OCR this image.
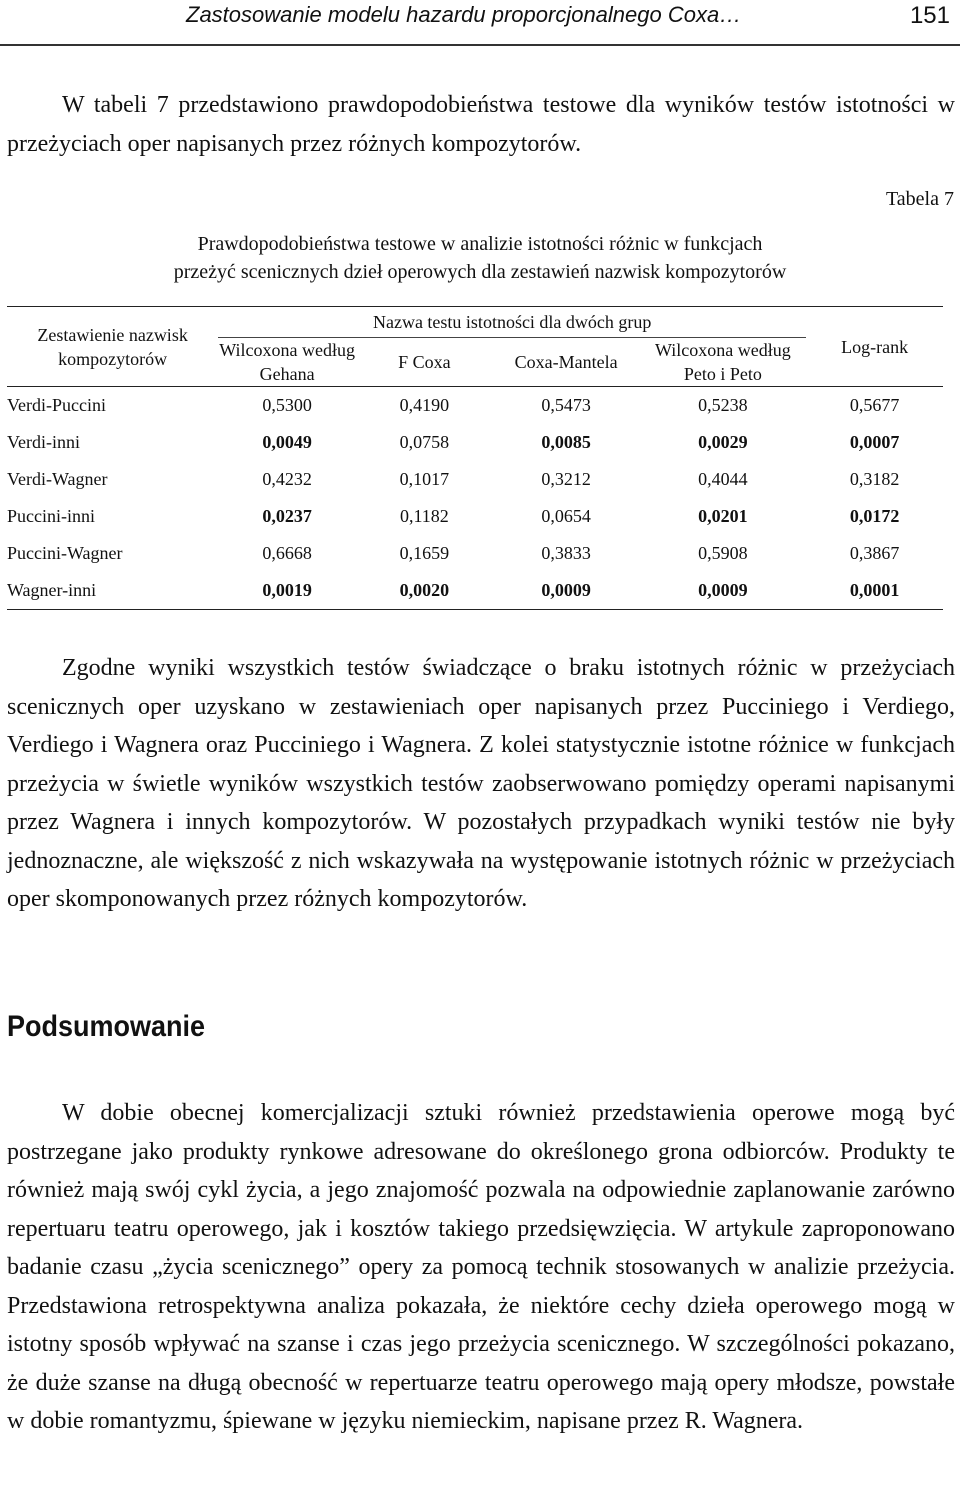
Zastosowanie modelu hazardu proporcjonalnego Coxa…	151

W tabeli 7 przedstawiono prawdopodobieństwa testowe dla wyników testów istotności w przeżyciach oper napisanych przez różnych kompozytorów.

Tabela 7
Prawdopodobieństwa testowe w analizie istotności różnic w funkcjach
przeżyć scenicznych dzieł operowych dla zestawień nazwisk kompozytorów
Zestawienie nazwisk kompozytorów	Nazwa testu istotności dla dwóch grup				Log-rank
	Wilcoxona według Gehana	F Coxa	Coxa-Mantela	Wilcoxona według Peto i Peto	
Verdi-Puccini	0,5300	0,4190	0,5473	0,5238	0,5677
Verdi-inni	0,0049	0,0758	0,0085	0,0029	0,0007
Verdi-Wagner	0,4232	0,1017	0,3212	0,4044	0,3182
Puccini-inni	0,0237	0,1182	0,0654	0,0201	0,0172
Puccini-Wagner	0,6668	0,1659	0,3833	0,5908	0,3867
Wagner-inni	0,0019	0,0020	0,0009	0,0009	0,0001

Zgodne wyniki wszystkich testów świadczące o braku istotnych różnic w przeżyciach scenicznych oper uzyskano w zestawieniach oper napisanych przez Pucciniego i Verdiego, Verdiego i Wagnera oraz Pucciniego i Wagnera. Z kolei statystycznie istotne różnice w funkcjach przeżycia w świetle wyników wszystkich testów zaobserwowano pomiędzy operami napisanymi przez Wagnera i innych kompozytorów. W pozostałych przypadkach wyniki testów nie były jednoznaczne, ale większość z nich wskazywała na występowanie istotnych różnic w przeżyciach oper skomponowanych przez różnych kompozytorów.

Podsumowanie

W dobie obecnej komercjalizacji sztuki również przedstawienia operowe mogą być postrzegane jako produkty rynkowe adresowane do określonego grona odbiorców. Produkty te również mają swój cykl życia, a jego znajomość pozwala na odpowiednie zaplanowanie zarówno repertuaru teatru operowego, jak i kosztów takiego przedsięwzięcia. W artykule zaproponowano badanie czasu „życia scenicznego” opery za pomocą technik stosowanych w analizie przeżycia. Przedstawiona retrospektywna analiza pokazała, że niektóre cechy dzieła operowego mogą w istotny sposób wpływać na szanse i czas jego przeżycia scenicznego. W szczególności pokazano, że duże szanse na długą obecność w repertuarze teatru operowego mają opery młodsze, powstałe w dobie romantyzmu, śpiewane w języku niemieckim, napisane przez R. Wagnera.
